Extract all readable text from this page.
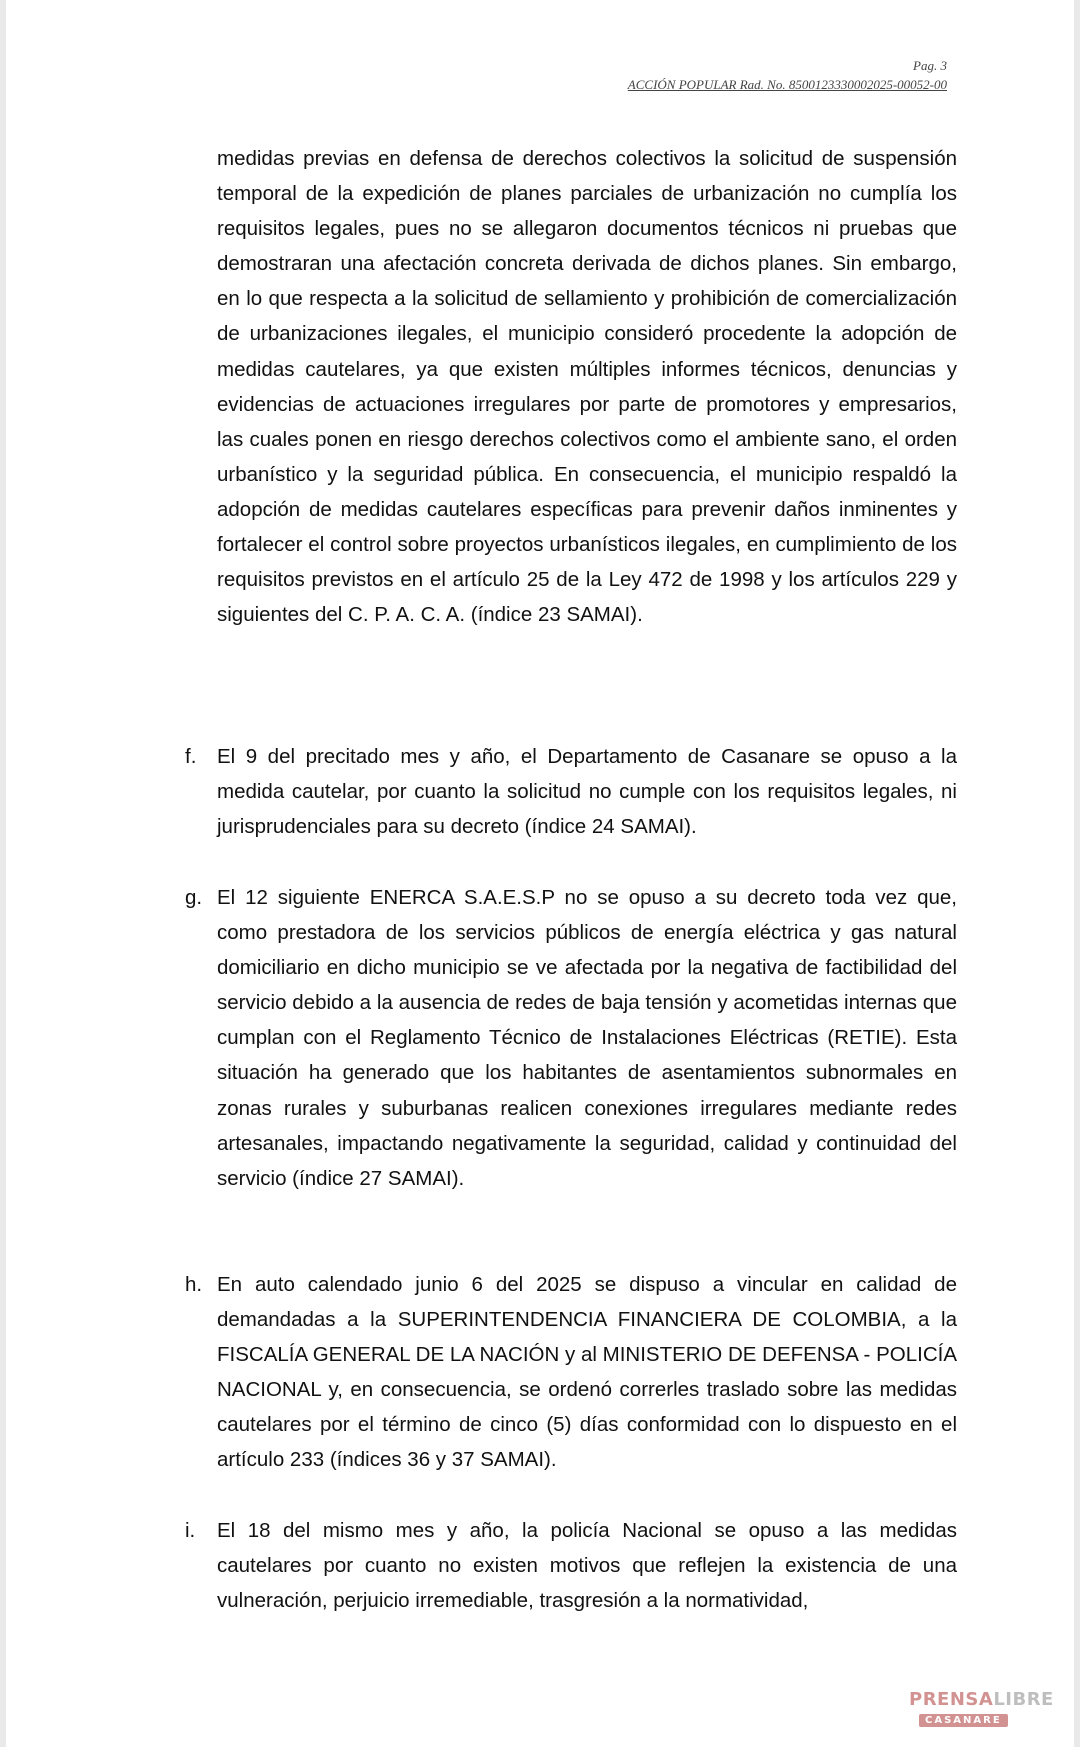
Pag. 3
ACCIÓN POPULAR Rad. No. 8500123330002025-00052-00
medidas previas en defensa de derechos colectivos la solicitud de suspensión temporal de la expedición de planes parciales de urbanización no cumplía los requisitos legales, pues no se allegaron documentos técnicos ni pruebas que demostraran una afectación concreta derivada de dichos planes. Sin embargo, en lo que respecta a la solicitud de sellamiento y prohibición de comercialización de urbanizaciones ilegales, el municipio consideró procedente la adopción de medidas cautelares, ya que existen múltiples informes técnicos, denuncias y evidencias de actuaciones irregulares por parte de promotores y empresarios, las cuales ponen en riesgo derechos colectivos como el ambiente sano, el orden urbanístico y la seguridad pública. En consecuencia, el municipio respaldó la adopción de medidas cautelares específicas para prevenir daños inminentes y fortalecer el control sobre proyectos urbanísticos ilegales, en cumplimiento de los requisitos previstos en el artículo 25 de la Ley 472 de 1998 y los artículos 229 y siguientes del C. P. A. C. A. (índice 23 SAMAI).
f.	El 9 del precitado mes y año, el Departamento de Casanare se opuso a la medida cautelar, por cuanto la solicitud no cumple con los requisitos legales, ni jurisprudenciales para su decreto (índice 24 SAMAI).
g. El 12 siguiente ENERCA S.A.E.S.P no se opuso a su decreto toda vez que, como prestadora de los servicios públicos de energía eléctrica y gas natural domiciliario en dicho municipio se ve afectada por la negativa de factibilidad del servicio debido a la ausencia de redes de baja tensión y acometidas internas que cumplan con el Reglamento Técnico de Instalaciones Eléctricas (RETIE). Esta situación ha generado que los habitantes de asentamientos subnormales en zonas rurales y suburbanas realicen conexiones irregulares mediante redes artesanales, impactando negativamente la seguridad, calidad y continuidad del servicio (índice 27 SAMAI).
h. En auto calendado junio 6 del 2025 se dispuso a vincular en calidad de demandadas a la SUPERINTENDENCIA FINANCIERA DE COLOMBIA, a la FISCALÍA GENERAL DE LA NACIÓN y al MINISTERIO DE DEFENSA - POLICÍA NACIONAL y, en consecuencia, se ordenó correrles traslado sobre las medidas cautelares por el término de cinco (5) días conformidad con lo dispuesto en el artículo 233 (índices 36 y 37 SAMAI).
i.	El 18 del mismo mes y año, la policía Nacional se opuso a las medidas cautelares por cuanto no existen motivos que reflejen la existencia de una vulneración, perjuicio irremediable, trasgresión a la normatividad,
PRENSALIBRE
CASANARE
